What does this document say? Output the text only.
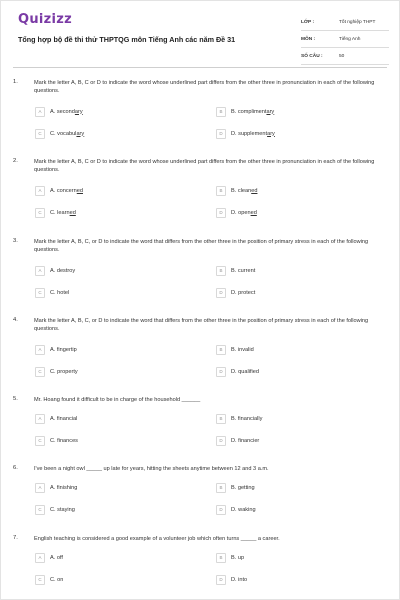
Quizizz
Tổng hợp bộ đề thi thử THPTQG môn Tiếng Anh các năm Đề 31
LỚP :	Tốt nghiệp THPT
MÔN :	Tiếng Anh
SỐ CÂU :	50
1.	Mark the letter A, B, C or D to indicate the word whose underlined part differs from the other three in pronunciation in each of the following questions.
A	A. secondary	B	B. complimentary
C	C. vocabulary	D	D. supplementary
2.	Mark the letter A, B, C or D to indicate the word whose underlined part differs from the other three in pronunciation in each of the following questions.
A	A. concerned	B	B. cleaned
C	C. learned	D	D. opened
3.	Mark the letter A, B, C, or D to indicate the word that differs from the other three in the position of primary stress in each of the following questions.
A	A. destroy	B	B. current
C	C. hotel	D	D. protect
4.	Mark the letter A, B, C, or D to indicate the word that differs from the other three in the position of primary stress in each of the following questions.
A	A. fingertip	B	B. invalid
C	C. property	D	D. qualified
5.	Mr. Hoang found it difficult to be in charge of the household ______
A	A. financial	B	B. financially
C	C. finances	D	D. financier
6.	I've been a night owl _____ up late for years, hitting the sheets anytime between 12 and 3 a.m.
A	A. finishing	B	B. getting
C	C. staying	D	D. waking
7.	English teaching is considered a good example of a volunteer job which often turns _____ a career.
A	A. off	B	B. up
C	C. on	D	D. into
